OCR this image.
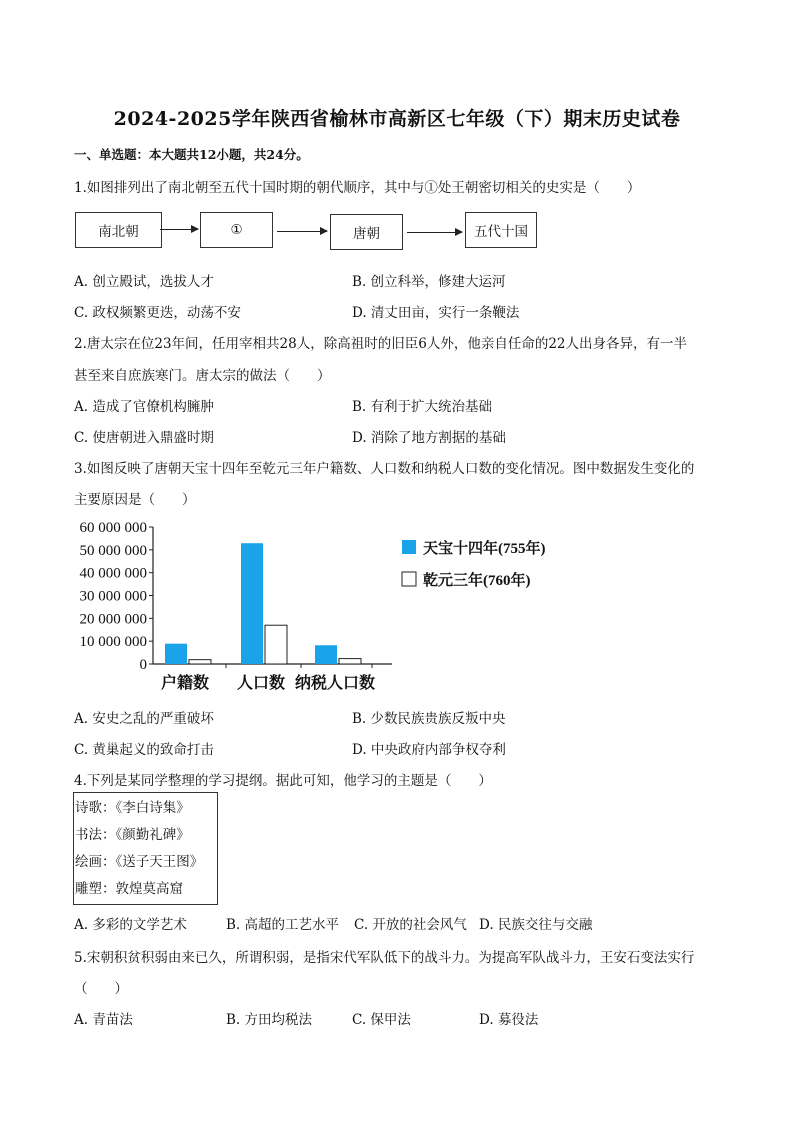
2024-2025学年陕西省榆林市高新区七年级（下）期末历史试卷
一、单选题：本大题共12小题，共24分。
1.如图排列出了南北朝至五代十国时期的朝代顺序，其中与①处王朝密切相关的史实是（　　）
南北朝	①	唐朝	五代十国
A. 创立殿试，选拔人才	B. 创立科举，修建大运河
C. 政权频繁更迭，动荡不安	D. 清丈田亩，实行一条鞭法
2.唐太宗在位23年间，任用宰相共28人，除高祖时的旧臣6人外，他亲自任命的22人出身各异，有一半
甚至来自庶族寒门。唐太宗的做法（　　）
A. 造成了官僚机构臃肿	B. 有利于扩大统治基础
C. 使唐朝进入鼎盛时期	D. 消除了地方割据的基础
3.如图反映了唐朝天宝十四年至乾元三年户籍数、人口数和纳税人口数的变化情况。图中数据发生变化的
主要原因是（　　）
60 000 000
50 000 000
40 000 000
30 000 000
20 000 000
10 000 000
0
户籍数 人口数 纳税人口数
天宝十四年(755年)
乾元三年(760年)
A. 安史之乱的严重破坏	B. 少数民族贵族反叛中央
C. 黄巢起义的致命打击	D. 中央政府内部争权夺利
4.下列是某同学整理的学习提纲。据此可知，他学习的主题是（　　）
诗歌：《李白诗集》
书法：《颜勤礼碑》
绘画：《送子天王图》
雕塑：敦煌莫高窟
A. 多彩的文学艺术	B. 高超的工艺水平 C. 开放的社会风气 D. 民族交往与交融
5.宋朝积贫积弱由来已久，所谓积弱，是指宋代军队低下的战斗力。为提高军队战斗力，王安石变法实行
（　　）
A. 青苗法	B. 方田均税法	C. 保甲法	D. 募役法
